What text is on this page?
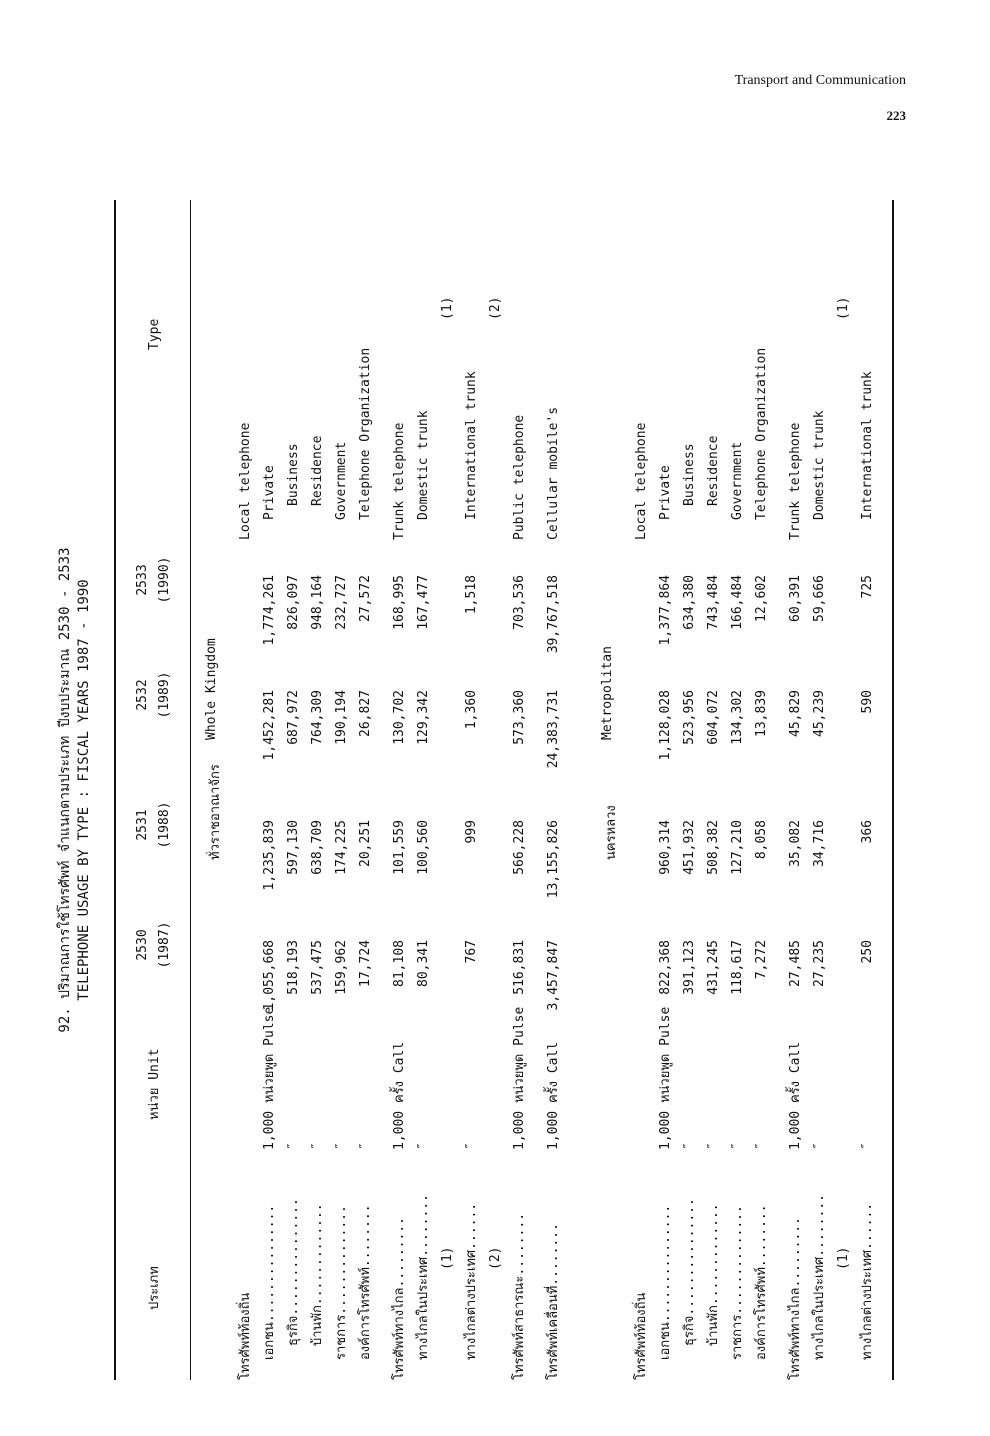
Transport and Communication
223
92. ปริมาณการใช้โทรศัพท์ จำแนกตามประเภท ปีงบประมาณ 2530 - 2533 TELEPHONE USAGE BY TYPE : FISCAL YEARS 1987 - 1990
ประเภท
หน่วย Unit
2530 (1987)
2531 (1988)
2532 (1989)
2533 (1990)
Type
ทั่วราชอาณาจักร
Whole Kingdom
โทรศัพท์ท้องถิ่น
Local telephone
เอกชน...............
1,000 หน่วยพูด Pulse
1,055,668
1,235,839
1,452,281
1,774,261
Private
ธุรกิจ...............
″
518,193
597,130
687,972
826,097
Business
บ้านพัก.............
″
537,475
638,709
764,309
948,164
Residence
ราชการ..............
″
159,962
174,225
190,194
232,727
Government
องค์การโทรศัพท์........
″
17,724
20,251
26,827
27,572
Telephone Organization
โทรศัพท์ทางไกล.........
1,000 ครั้ง Call
81,108
101,559
130,702
168,995
Trunk telephone
ทางไกลในประเทศ........
″
80,341
100,560
129,342
167,477
Domestic trunk
(1)
(1)
ทางไกลต่างประเทศ......
″
767
999
1,360
1,518
International trunk
(2)
(2)
โทรศัพท์สาธารณะ........
1,000 หน่วยพูด Pulse
516,831
566,228
573,360
703,536
Public telephone
โทรศัพท์เคลื่อนที่........
1,000 ครั้ง Call
3,457,847
13,155,826
24,383,731
39,767,518
Cellular mobile's
นครหลวง
Metropolitan
โทรศัพท์ท้องถิ่น
Local telephone
เอกชน...............
1,000 หน่วยพูด Pulse
822,368
960,314
1,128,028
1,377,864
Private
ธุรกิจ...............
″
391,123
451,932
523,956
634,380
Business
บ้านพัก.............
″
431,245
508,382
604,072
743,484
Residence
ราชการ..............
″
118,617
127,210
134,302
166,484
Government
องค์การโทรศัพท์........
″
7,272
8,058
13,839
12,602
Telephone Organization
โทรศัพท์ทางไกล.........
1,000 ครั้ง Call
27,485
35,082
45,829
60,391
Trunk telephone
ทางไกลในประเทศ........
″
27,235
34,716
45,239
59,666
Domestic trunk
(1)
(1)
ทางไกลต่างประเทศ......
″
250
366
590
725
International trunk
